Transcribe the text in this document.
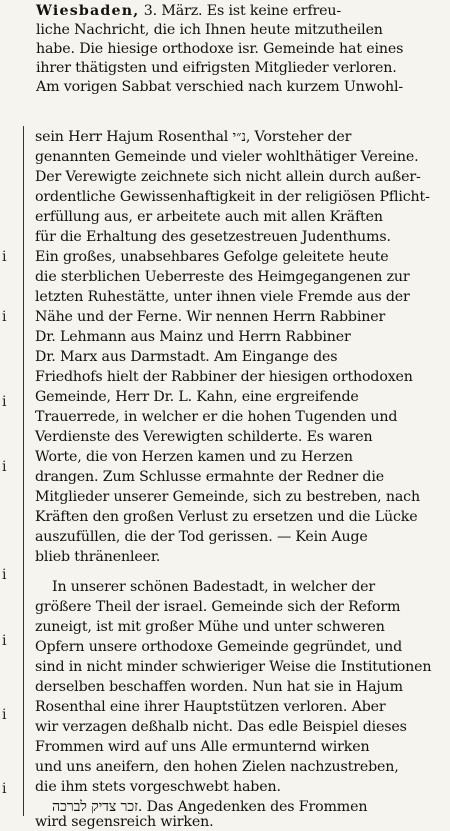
i
i
i
i
i
i
i
i
Wiesbaden, 3. März. Es ist keine erfreu-
liche Nachricht, die ich Ihnen heute mitzutheilen
habe. Die hiesige orthodoxe isr. Gemeinde hat eines
ihrer thätigsten und eifrigsten Mitglieder verloren.
Am vorigen Sabbat verschied nach kurzem Unwohl-
sein Herr Hajum Rosenthal נ״י, Vorsteher der
genannten Gemeinde und vieler wohlthätiger Vereine.
Der Verewigte zeichnete sich nicht allein durch außer-
ordentliche Gewissenhaftigkeit in der religiösen Pflicht-
erfüllung aus, er arbeitete auch mit allen Kräften
für die Erhaltung des gesetzestreuen Judenthums.
Ein großes, unabsehbares Gefolge geleitete heute
die sterblichen Ueberreste des Heimgegangenen zur
letzten Ruhestätte, unter ihnen viele Fremde aus der
Nähe und der Ferne. Wir nennen Herrn Rabbiner
Dr. Lehmann aus Mainz und Herrn Rabbiner
Dr. Marx aus Darmstadt. Am Eingange des
Friedhofs hielt der Rabbiner der hiesigen orthodoxen
Gemeinde, Herr Dr. L. Kahn, eine ergreifende
Trauerrede, in welcher er die hohen Tugenden und
Verdienste des Verewigten schilderte. Es waren
Worte, die von Herzen kamen und zu Herzen
drangen. Zum Schlusse ermahnte der Redner die
Mitglieder unserer Gemeinde, sich zu bestreben, nach
Kräften den großen Verlust zu ersetzen und die Lücke
auszufüllen, die der Tod gerissen. — Kein Auge
blieb thränenleer.
In unserer schönen Badestadt, in welcher der
größere Theil der israel. Gemeinde sich der Reform
zuneigt, ist mit großer Mühe und unter schweren
Opfern unsere orthodoxe Gemeinde gegründet, und
sind in nicht minder schwieriger Weise die Institutionen
derselben beschaffen worden. Nun hat sie in Hajum
Rosenthal eine ihrer Hauptstützen verloren. Aber
wir verzagen deßhalb nicht. Das edle Beispiel dieses
Frommen wird auf uns Alle ermunternd wirken
und uns aneifern, den hohen Zielen nachzustreben,
die ihm stets vorgeschwebt haben.
זכר צדיק לברכה. Das Angedenken des Frommen
wird segensreich wirken.
